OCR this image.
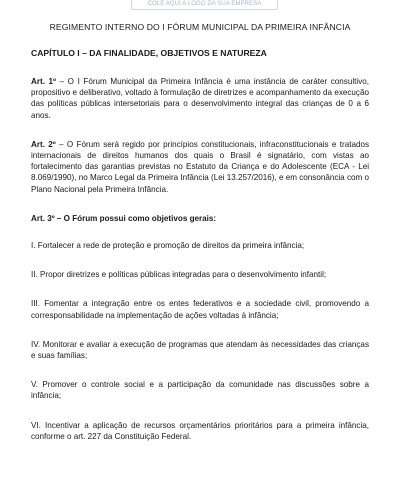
COLE AQUI A LOGO DA SUA EMPRESA
REGIMENTO INTERNO DO I FÓRUM MUNICIPAL DA PRIMEIRA INFÂNCIA
CAPÍTULO I – DA FINALIDADE, OBJETIVOS E NATUREZA

Art. 1º – O I Fórum Municipal da Primeira Infância é uma instância de caráter consultivo, propositivo e deliberativo, voltado à formulação de diretrizes e acompanhamento da execução das políticas públicas intersetoriais para o desenvolvimento integral das crianças de 0 a 6 anos.

Art. 2º – O Fórum será regido por princípios constitucionais, infraconstitucionais e tratados internacionais de direitos humanos dos quais o Brasil é signatário, com vistas ao fortalecimento das garantias previstas no Estatuto da Criança e do Adolescente (ECA - Lei 8.069/1990), no Marco Legal da Primeira Infância (Lei 13.257/2016), e em consonância com o Plano Nacional pela Primeira Infância.

Art. 3º – O Fórum possui como objetivos gerais:

I. Fortalecer a rede de proteção e promoção de direitos da primeira infância;

II. Propor diretrizes e políticas públicas integradas para o desenvolvimento infantil;

III. Fomentar a integração entre os entes federativos e a sociedade civil, promovendo a corresponsabilidade na implementação de ações voltadas à infância;

IV. Monitorar e avaliar a execução de programas que atendam às necessidades das crianças e suas famílias;

V. Promover o controle social e a participação da comunidade nas discussões sobre a infância;

VI. Incentivar a aplicação de recursos orçamentários prioritários para a primeira infância, conforme o art. 227 da Constituição Federal.
